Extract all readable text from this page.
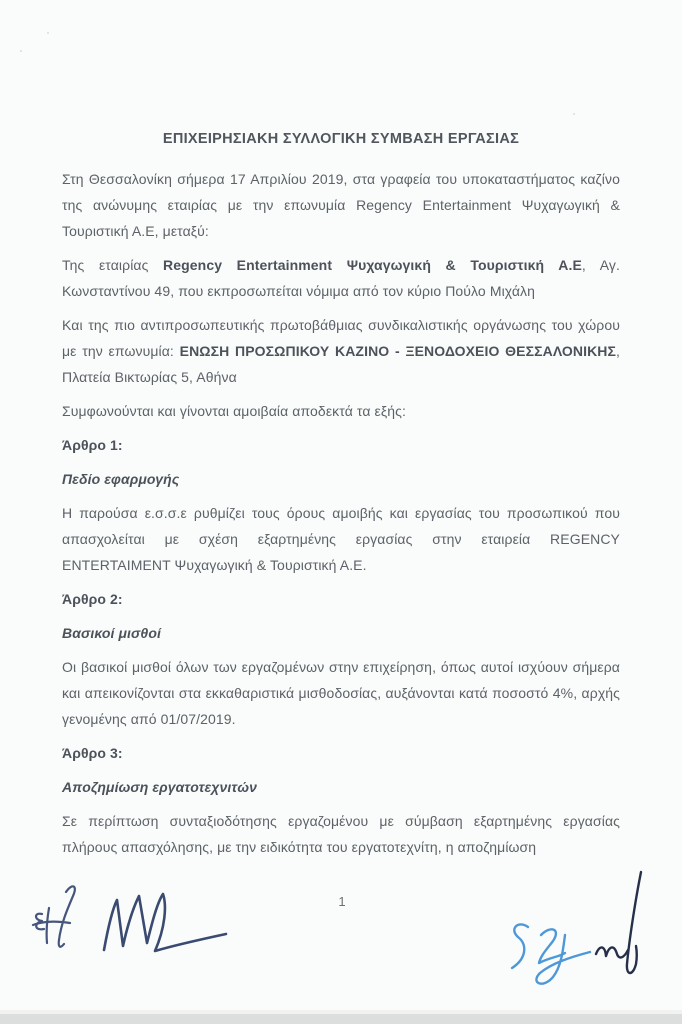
ΕΠΙΧΕΙΡΗΣΙΑΚΗ ΣΥΛΛΟΓΙΚΗ ΣΥΜΒΑΣΗ ΕΡΓΑΣΙΑΣ

Στη Θεσσαλονίκη σήμερα 17 Απριλίου 2019, στα γραφεία του υποκαταστήματος καζίνο της ανώνυμης εταιρίας με την επωνυμία Regency Entertainment Ψυχαγωγική & Τουριστική Α.Ε, μεταξύ:

Της εταιρίας Regency Entertainment Ψυχαγωγική & Τουριστική Α.Ε, Αγ. Κωνσταντίνου 49, που εκπροσωπείται νόμιμα από τον κύριο Πούλο Μιχάλη

Και της πιο αντιπροσωπευτικής πρωτοβάθμιας συνδικαλιστικής οργάνωσης του χώρου με την επωνυμία: ΕΝΩΣΗ ΠΡΟΣΩΠΙΚΟΥ ΚΑΖΙΝΟ - ΞΕΝΟΔΟΧΕΙΟ ΘΕΣΣΑΛΟΝΙΚΗΣ, Πλατεία Βικτωρίας 5, Αθήνα

Συμφωνούνται και γίνονται αμοιβαία αποδεκτά τα εξής:

Άρθρο 1:

Πεδίο εφαρμογής

Η παρούσα ε.σ.σ.ε ρυθμίζει τους όρους αμοιβής και εργασίας του προσωπικού που απασχολείται με σχέση εξαρτημένης εργασίας στην εταιρεία REGENCY ENTERTAIMENT Ψυχαγωγική & Τουριστική Α.Ε.

Άρθρο 2:

Βασικοί μισθοί

Οι βασικοί μισθοί όλων των εργαζομένων στην επιχείρηση, όπως αυτοί ισχύουν σήμερα και απεικονίζονται στα εκκαθαριστικά μισθοδοσίας, αυξάνονται κατά ποσοστό 4%, αρχής γενομένης από 01/07/2019.

Άρθρο 3:

Αποζημίωση εργατοτεχνιτών

Σε περίπτωση συνταξιοδότησης εργαζομένου με σύμβαση εξαρτημένης εργασίας πλήρους απασχόλησης, με την ειδικότητα του εργατοτεχνίτη, η αποζημίωση

1
